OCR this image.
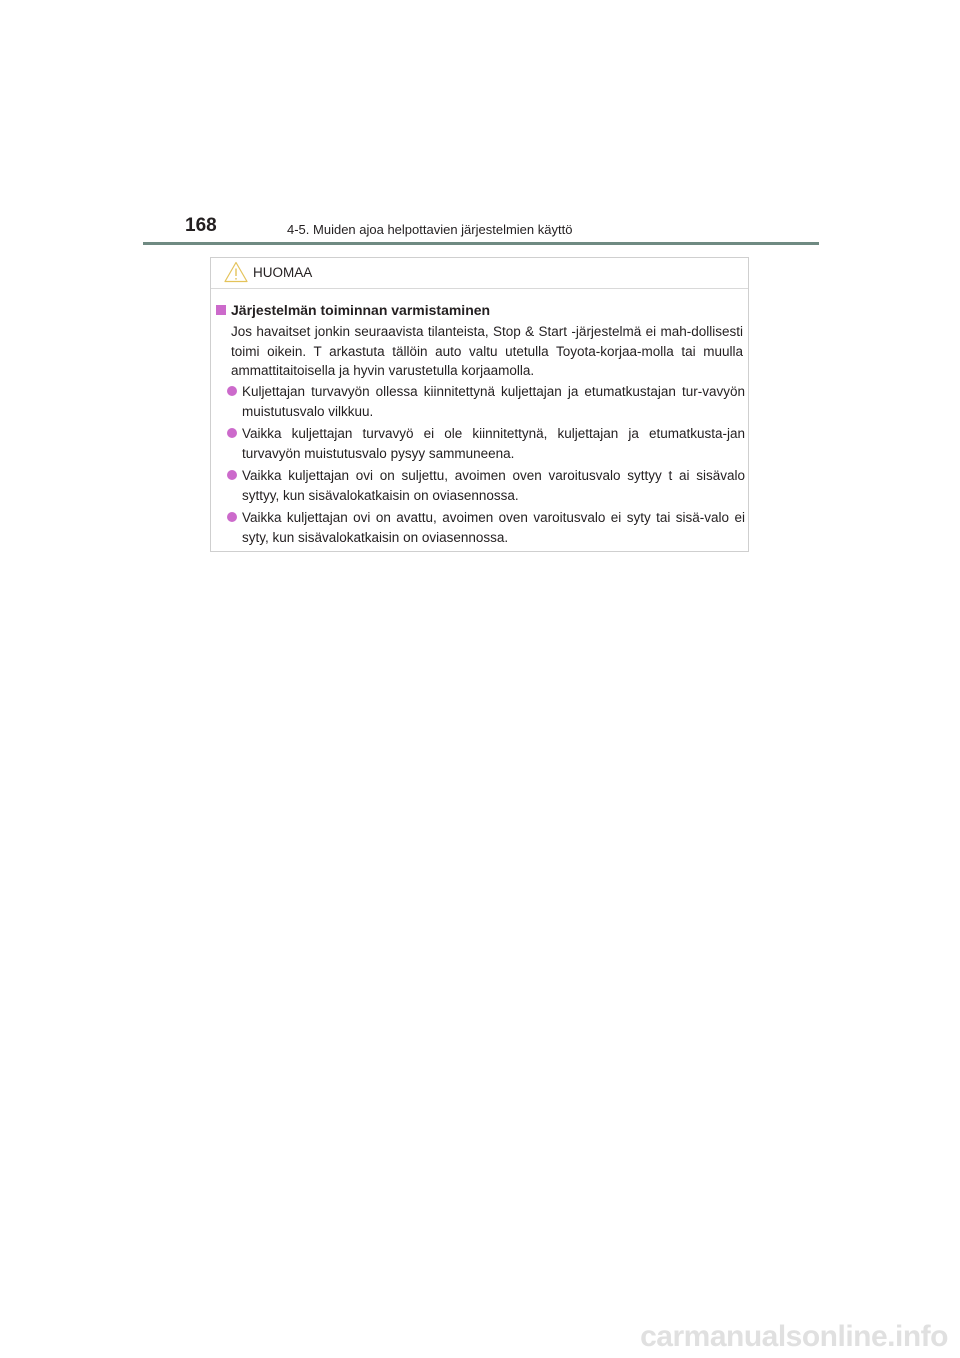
168	4-5. Muiden ajoa helpottavien järjestelmien käyttö
HUOMAA
Järjestelmän toiminnan varmistaminen

Jos havaitset jonkin seuraavista tilanteista, Stop & Start -järjestelmä ei mah-dollisesti toimi oikein. T arkastuta tällöin auto valtu utetulla Toyota-korjaa-molla tai muulla ammattitaitoisella ja hyvin varustetulla korjaamolla.

Kuljettajan turvavyön ollessa kiinnitettynä kuljettajan ja etumatkustajan tur-vavyön muistutusvalo vilkkuu.
Vaikka kuljettajan turvavyö ei ole kiinnitettynä, kuljettajan ja etumatkusta-jan turvavyön muistutusvalo pysyy sammuneena.
Vaikka kuljettajan ovi on suljettu, avoimen oven varoitusvalo syttyy t ai sisävalo syttyy, kun sisävalokatkaisin on oviasennossa.
Vaikka kuljettajan ovi on avattu, avoimen oven varoitusvalo ei syty tai sisä-valo ei syty, kun sisävalokatkaisin on oviasennossa.
carmanualsonline.info
